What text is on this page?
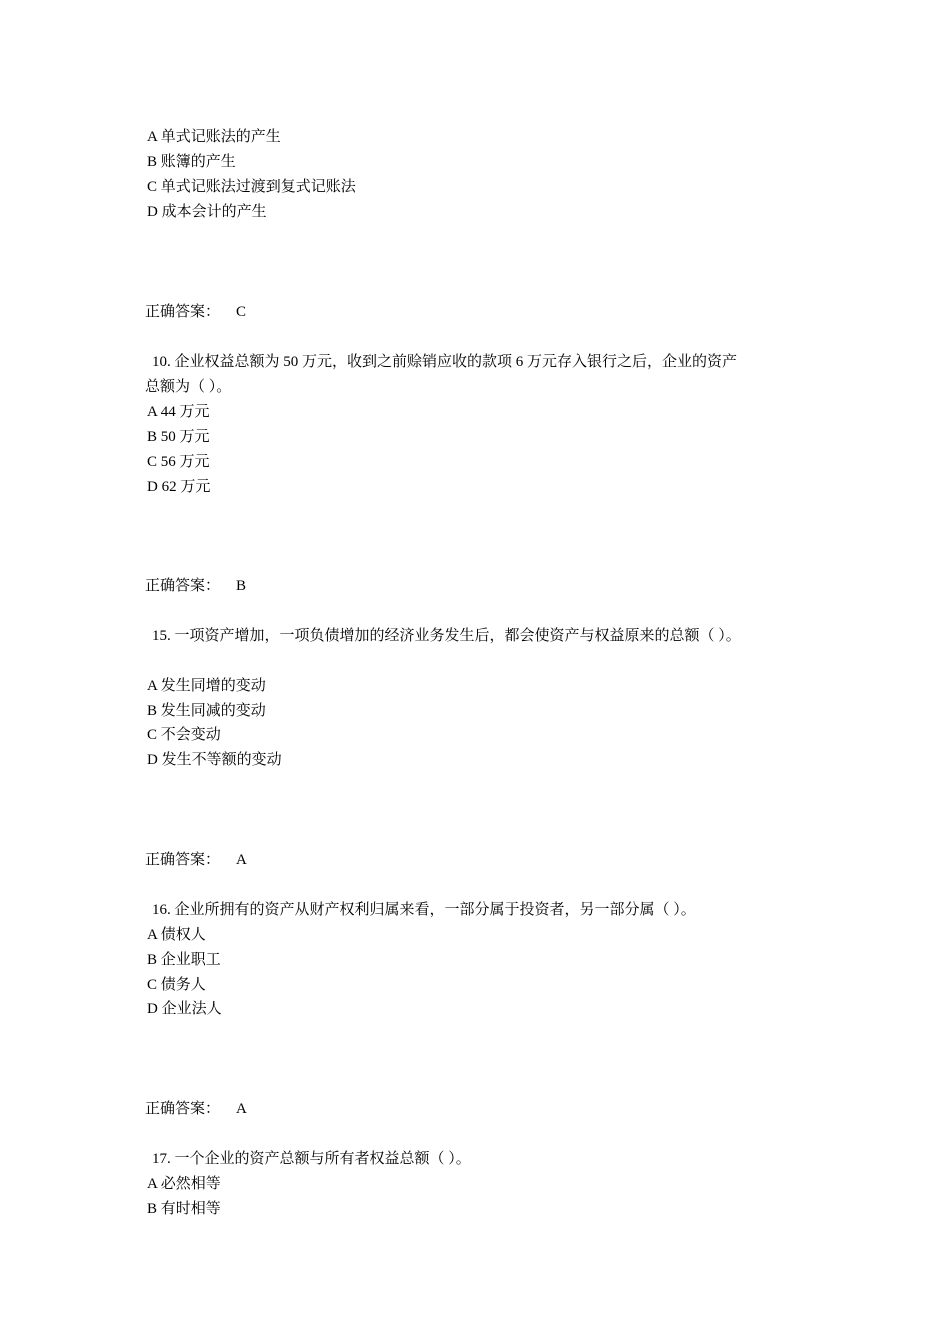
A 单式记账法的产生
B 账簿的产生
C 单式记账法过渡到复式记账法
D 成本会计的产生
正确答案： C
10. 企业权益总额为 50 万元，收到之前赊销应收的款项 6 万元存入银行之后，企业的资产
总额为（ ）。
A 44 万元
B 50 万元
C 56 万元
D 62 万元
正确答案： B
15. 一项资产增加，一项负债增加的经济业务发生后，都会使资产与权益原来的总额（ ）。
A 发生同增的变动
B 发生同减的变动
C 不会变动
D 发生不等额的变动
正确答案： A
16. 企业所拥有的资产从财产权利归属来看，一部分属于投资者，另一部分属（ ）。
A 债权人
B 企业职工
C 债务人
D 企业法人
正确答案： A
17. 一个企业的资产总额与所有者权益总额（ ）。
A 必然相等
B 有时相等
